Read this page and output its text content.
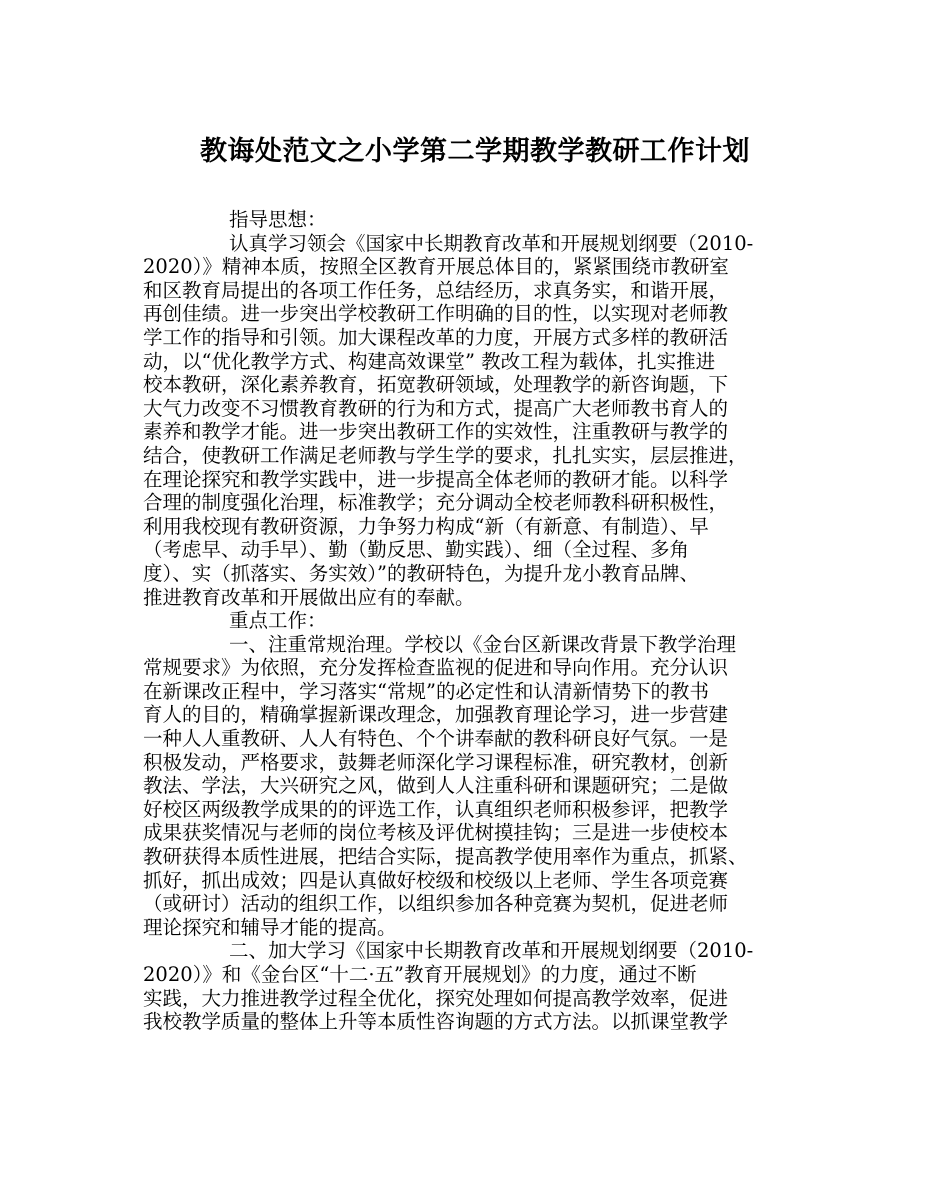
教诲处范文之小学第二学期教学教研工作计划
指导思想：
认真学习领会《国家中长期教育改革和开展规划纲要（2010-
2020）》精神本质，按照全区教育开展总体目的，紧紧围绕市教研室
和区教育局提出的各项工作任务，总结经历，求真务实，和谐开展，
再创佳绩。进一步突出学校教研工作明确的目的性，以实现对老师教
学工作的指导和引领。加大课程改革的力度，开展方式多样的教研活
动，以“优化教学方式、构建高效课堂” 教改工程为载体，扎实推进
校本教研，深化素养教育，拓宽教研领域，处理教学的新咨询题，下
大气力改变不习惯教育教研的行为和方式，提高广大老师教书育人的
素养和教学才能。进一步突出教研工作的实效性，注重教研与教学的
结合，使教研工作满足老师教与学生学的要求，扎扎实实，层层推进，
在理论探究和教学实践中，进一步提高全体老师的教研才能。以科学
合理的制度强化治理，标准教学；充分调动全校老师教科研积极性，
利用我校现有教研资源，力争努力构成“新（有新意、有制造）、早
（考虑早、动手早）、勤（勤反思、勤实践）、细（全过程、多角
度）、实（抓落实、务实效）”的教研特色，为提升龙小教育品牌、
推进教育改革和开展做出应有的奉献。
重点工作：
一、注重常规治理。学校以《金台区新课改背景下教学治理
常规要求》为依照，充分发挥检查监视的促进和导向作用。充分认识
在新课改正程中，学习落实“常规”的必定性和认清新情势下的教书
育人的目的，精确掌握新课改理念，加强教育理论学习，进一步营建
一种人人重教研、人人有特色、个个讲奉献的教科研良好气氛。一是
积极发动，严格要求，鼓舞老师深化学习课程标准，研究教材，创新
教法、学法，大兴研究之风，做到人人注重科研和课题研究；二是做
好校区两级教学成果的的评选工作，认真组织老师积极参评，把教学
成果获奖情况与老师的岗位考核及评优树摸挂钩；三是进一步使校本
教研获得本质性进展，把结合实际，提高教学使用率作为重点，抓紧、
抓好，抓出成效；四是认真做好校级和校级以上老师、学生各项竞赛
（或研讨）活动的组织工作，以组织参加各种竞赛为契机，促进老师
理论探究和辅导才能的提高。
二、加大学习《国家中长期教育改革和开展规划纲要（2010-
2020）》和《金台区“十二·五”教育开展规划》的力度，通过不断
实践，大力推进教学过程全优化，探究处理如何提高教学效率，促进
我校教学质量的整体上升等本质性咨询题的方式方法。以抓课堂教学
